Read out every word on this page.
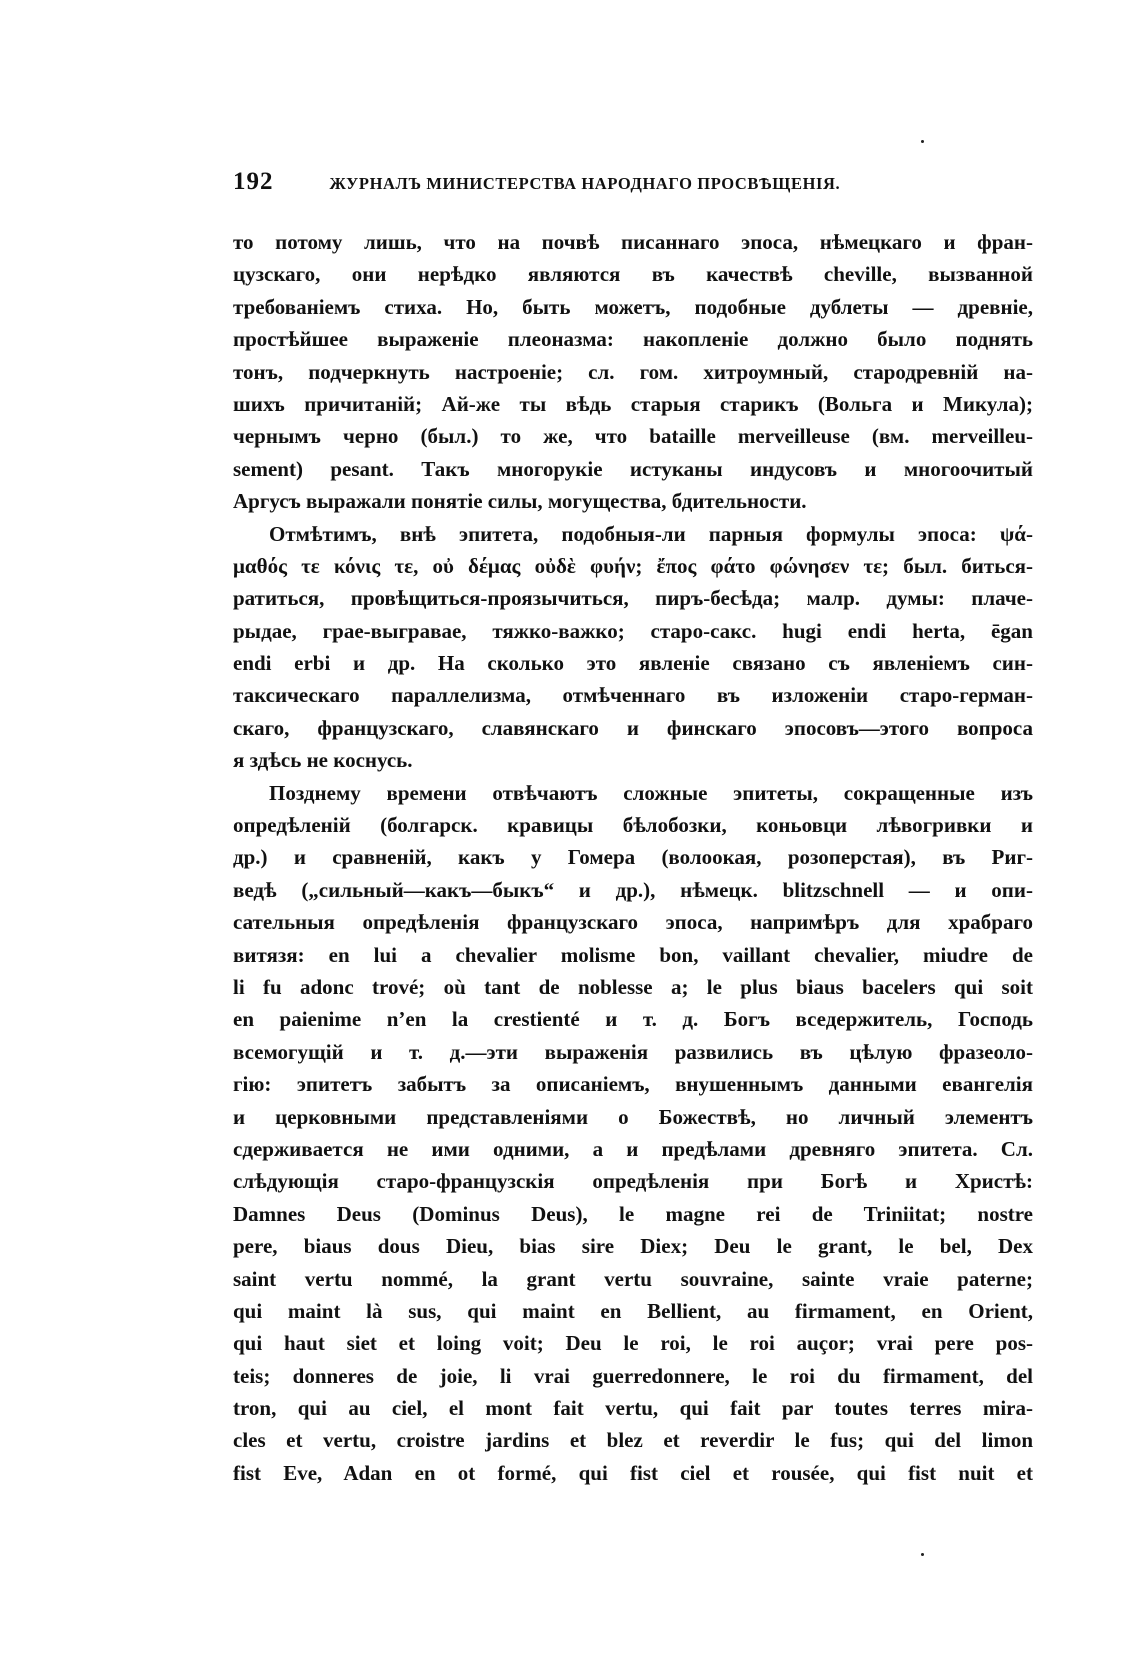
192	ЖУРНАЛЪ МИНИСТЕРСТВА НАРОДНАГО ПРОСВѢЩЕНІЯ.
то потому лишь, что на почвѣ писаннаго эпоса, нѣмецкаго и фран-
цузскаго, они нерѣдко являются въ качествѣ cheville, вызванной
требованіемъ стиха. Но, быть можетъ, подобные дублеты — древніе,
простѣйшее выраженіе плеоназма: накопленіе должно было поднять
тонъ, подчеркнуть настроеніе; сл. гом. хитроумный, стародревній на-
шихъ причитаній; Ай-же ты вѣдь старыя старикъ (Вольга и Микула);
чернымъ черно (был.) то же, что bataille merveilleuse (вм. merveilleu-
sement) pesant. Такъ многорукіе истуканы индусовъ и многоочитый
Аргусъ выражали понятіе силы, могущества, бдительности.
Отмѣтимъ, внѣ эпитета, подобныя-ли парныя формулы эпоса: ψά-
μαθός τε κόνις τε, οὐ δέμας οὐδὲ φυήν; ἔπος φάτο φώνησεν τε; был. биться-
ратиться, провѣщиться-проязычиться, пиръ-бесѣда; малр. думы: плаче-
рыдае, грае-выгравае, тяжко-важко; старо-сакс. hugi endi herta, ēgan
endi erbi и др. На сколько это явленіе связано съ явленіемъ син-
таксическаго параллелизма, отмѣченнаго въ изложеніи старо-герман-
скаго, французскаго, славянскаго и финскаго эпосовъ—этого вопроса
я здѣсь не коснусь.
Позднему времени отвѣчаютъ сложные эпитеты, сокращенные изъ
опредѣленій (болгарск. кравицы бѣлобозки, коньовци лѣвогривки и
др.) и сравненій, какъ у Гомера (волоокая, розоперстая), въ Риг-
ведѣ („сильный—какъ—быкъ“ и др.), нѣмецк. blitzschnell — и опи-
сательныя опредѣленія французскаго эпоса, напримѣръ для храбраго
витязя: en lui a chevalier molisme bon, vaillant chevalier, miudre de
li fu adonc trové; où tant de noblesse a; le plus biaus bacelers qui soit
en paienime n’en la crestienté и т. д. Богъ вседержитель, Господь
всемогущій и т. д.—эти выраженія развились въ цѣлую фразеоло-
гію: эпитетъ забытъ за описаніемъ, внушеннымъ данными евангелія
и церковными представленіями о Божествѣ, но личный элементъ
сдерживается не ими одними, а и предѣлами древняго эпитета. Сл.
слѣдующія старо-французскія опредѣленія при Богѣ и Христѣ:
Damnes Deus (Dominus Deus), le magne rei de Triniitat; nostre
pere, biaus dous Dieu, bias sire Diex; Deu le grant, le bel, Dex
saint vertu nommé, la grant vertu souvraine, sainte vraie paterne;
qui maint là sus, qui maint en Bellient, au firmament, en Orient,
qui haut siet et loing voit; Deu le roi, le roi auçor; vrai pere pos-
teis; donneres de joie, li vrai guerredonnere, le roi du firmament, del
tron, qui au ciel, el mont fait vertu, qui fait par toutes terres mira-
cles et vertu, croistre jardins et blez et reverdir le fus; qui del limon
fist Eve, Adan en ot formé, qui fist ciel et rousée, qui fist nuit et
